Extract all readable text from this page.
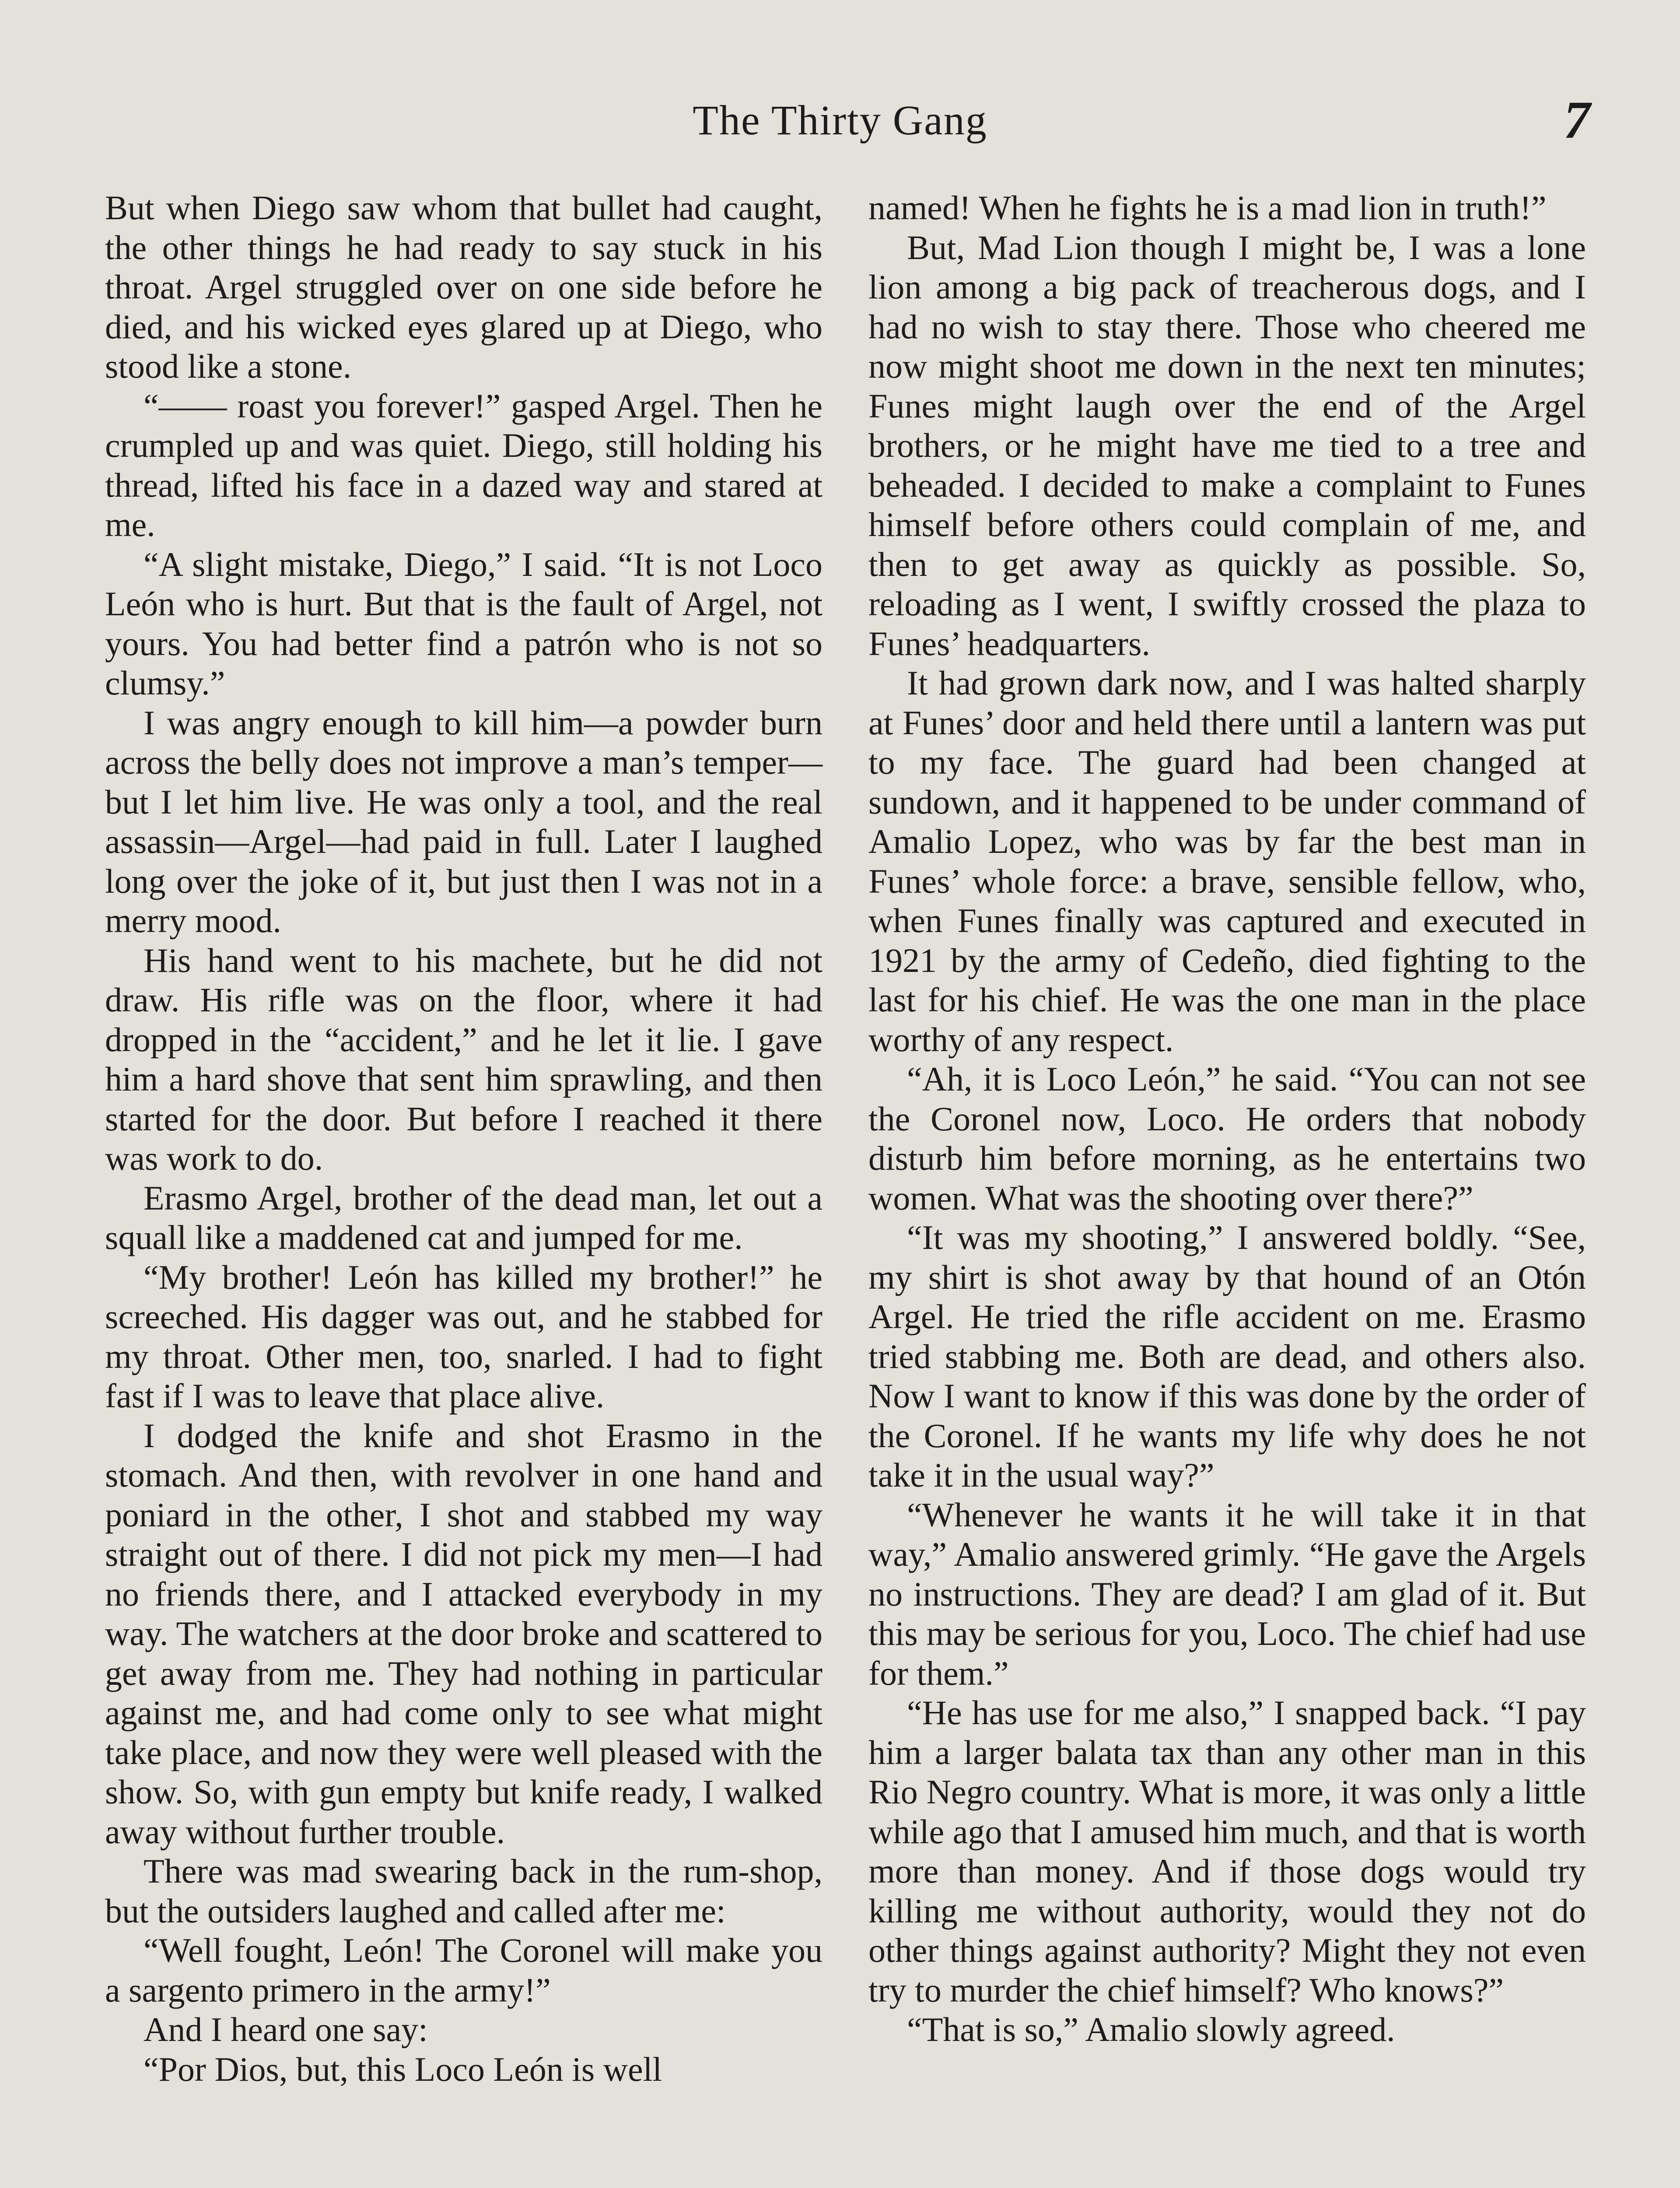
The Thirty Gang	7

But when Diego saw whom that bullet had caught, the other things he had ready to say stuck in his throat. Argel struggled over on one side before he died, and his wicked eyes glared up at Diego, who stood like a stone.

“—— roast you forever!” gasped Argel. Then he crumpled up and was quiet. Diego, still holding his thread, lifted his face in a dazed way and stared at me.

“A slight mistake, Diego,” I said. “It is not Loco León who is hurt. But that is the fault of Argel, not yours. You had better find a patrón who is not so clumsy.”

I was angry enough to kill him—a powder burn across the belly does not improve a man’s temper—but I let him live. He was only a tool, and the real assassin—Argel—had paid in full. Later I laughed long over the joke of it, but just then I was not in a merry mood.

His hand went to his machete, but he did not draw. His rifle was on the floor, where it had dropped in the “accident,” and he let it lie. I gave him a hard shove that sent him sprawling, and then started for the door. But before I reached it there was work to do.

Erasmo Argel, brother of the dead man, let out a squall like a maddened cat and jumped for me.

“My brother! León has killed my brother!” he screeched. His dagger was out, and he stabbed for my throat. Other men, too, snarled. I had to fight fast if I was to leave that place alive.

I dodged the knife and shot Erasmo in the stomach. And then, with revolver in one hand and poniard in the other, I shot and stabbed my way straight out of there. I did not pick my men—I had no friends there, and I attacked everybody in my way. The watchers at the door broke and scattered to get away from me. They had nothing in particular against me, and had come only to see what might take place, and now they were well pleased with the show. So, with gun empty but knife ready, I walked away without further trouble.

There was mad swearing back in the rum-shop, but the outsiders laughed and called after me:

“Well fought, León! The Coronel will make you a sargento primero in the army!”

And I heard one say:

“Por Dios, but, this Loco León is well

named! When he fights he is a mad lion in truth!”

But, Mad Lion though I might be, I was a lone lion among a big pack of treacherous dogs, and I had no wish to stay there. Those who cheered me now might shoot me down in the next ten minutes; Funes might laugh over the end of the Argel brothers, or he might have me tied to a tree and beheaded. I decided to make a complaint to Funes himself before others could complain of me, and then to get away as quickly as possible. So, reloading as I went, I swiftly crossed the plaza to Funes’ headquarters.

It had grown dark now, and I was halted sharply at Funes’ door and held there until a lantern was put to my face. The guard had been changed at sundown, and it happened to be under command of Amalio Lopez, who was by far the best man in Funes’ whole force: a brave, sensible fellow, who, when Funes finally was captured and executed in 1921 by the army of Cedeño, died fighting to the last for his chief. He was the one man in the place worthy of any respect.

“Ah, it is Loco León,” he said. “You can not see the Coronel now, Loco. He orders that nobody disturb him before morning, as he entertains two women. What was the shooting over there?”

“It was my shooting,” I answered boldly. “See, my shirt is shot away by that hound of an Otón Argel. He tried the rifle accident on me. Erasmo tried stabbing me. Both are dead, and others also. Now I want to know if this was done by the order of the Coronel. If he wants my life why does he not take it in the usual way?”

“Whenever he wants it he will take it in that way,” Amalio answered grimly. “He gave the Argels no instructions. They are dead? I am glad of it. But this may be serious for you, Loco. The chief had use for them.”

“He has use for me also,” I snapped back. “I pay him a larger balata tax than any other man in this Rio Negro country. What is more, it was only a little while ago that I amused him much, and that is worth more than money. And if those dogs would try killing me without authority, would they not do other things against authority? Might they not even try to murder the chief himself? Who knows?”

“That is so,” Amalio slowly agreed.
